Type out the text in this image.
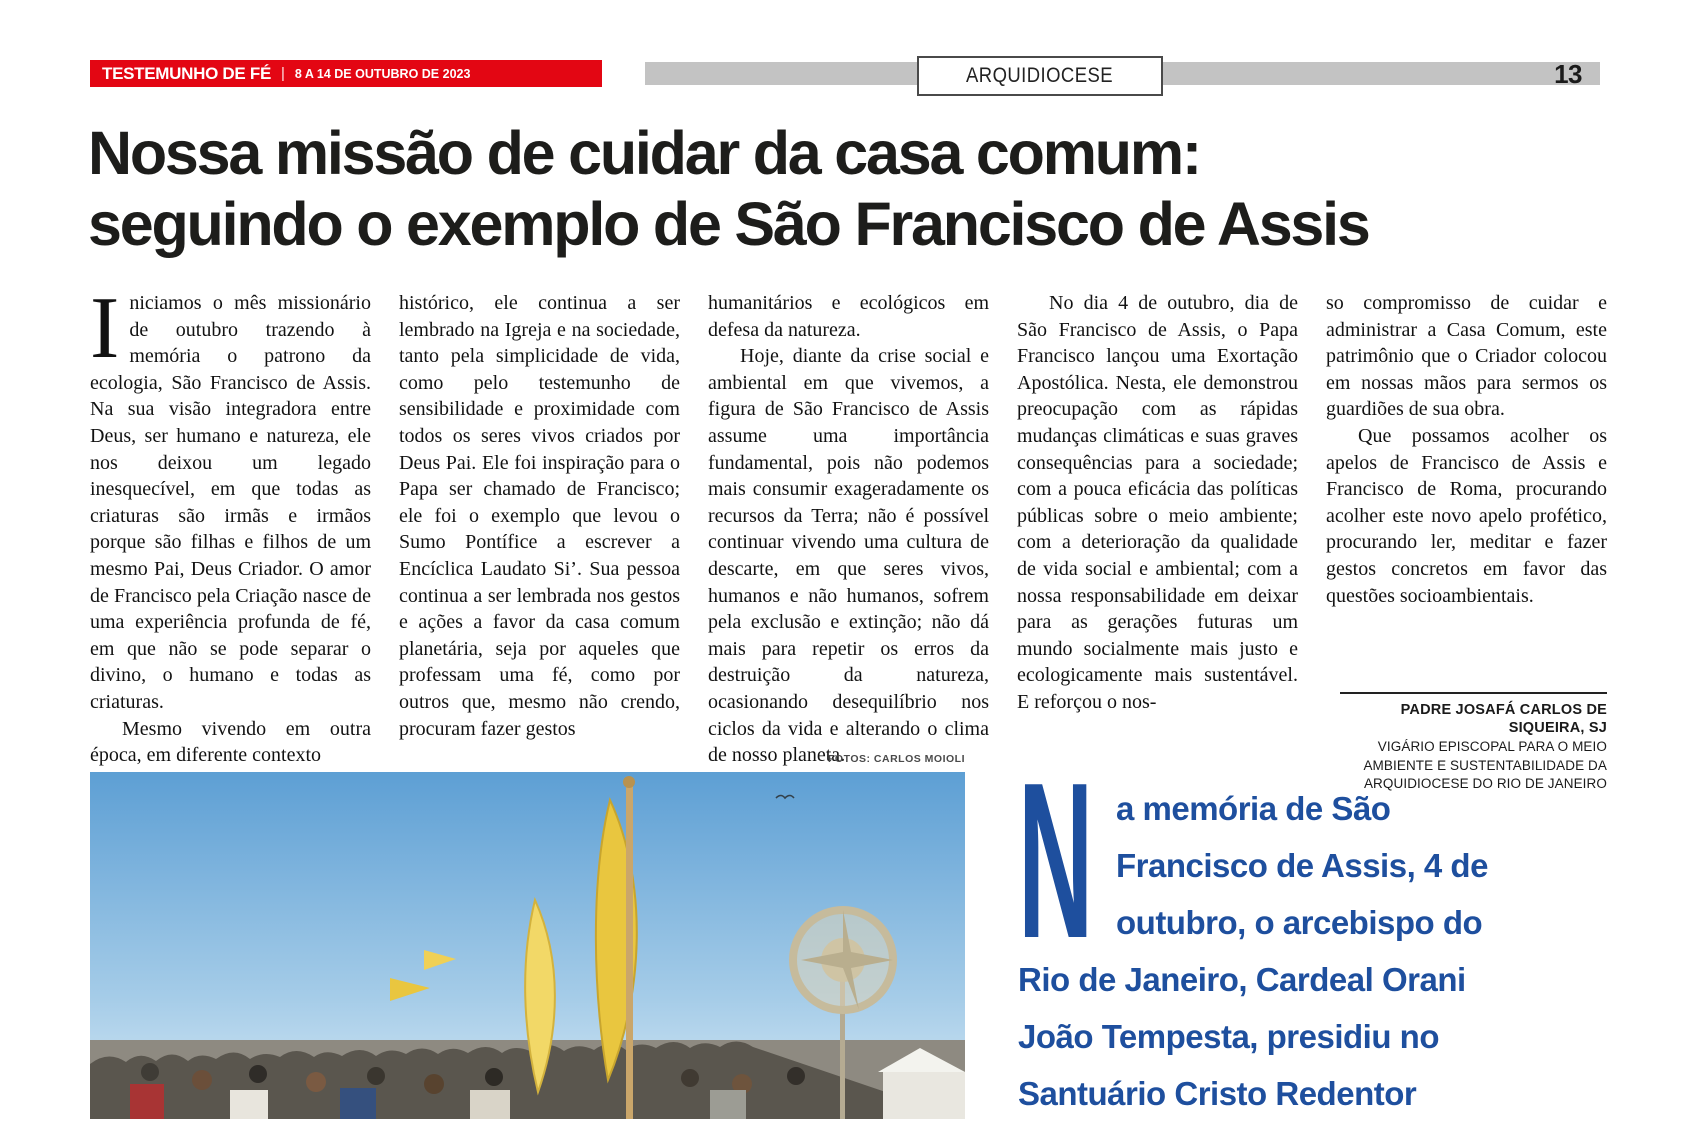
TESTEMUNHO DE FÉ | 8 A 14 DE OUTUBRO DE 2023	ARQUIDIOCESE	13
Nossa missão de cuidar da casa comum:
seguindo o exemplo de São Francisco de Assis

Iniciamos o mês missionário de outubro trazendo à memória o patrono da ecologia, São Francisco de Assis. Na sua visão integradora entre Deus, ser humano e natureza, ele nos deixou um legado inesquecível, em que todas as criaturas são irmãs e irmãos porque são filhas e filhos de um mesmo Pai, Deus Criador. O amor de Francisco pela Criação nasce de uma experiência profunda de fé, em que não se pode separar o divino, o humano e todas as criaturas.

Mesmo vivendo em outra época, em diferente contexto

histórico, ele continua a ser lembrado na Igreja e na sociedade, tanto pela simplicidade de vida, como pelo testemunho de sensibilidade e proximidade com todos os seres vivos criados por Deus Pai. Ele foi inspiração para o Papa ser chamado de Francisco; ele foi o exemplo que levou o Sumo Pontífice a escrever a Encíclica Laudato Si’. Sua pessoa continua a ser lembrada nos gestos e ações a favor da casa comum planetária, seja por aqueles que professam uma fé, como por outros que, mesmo não crendo, procuram fazer gestos

humanitários e ecológicos em defesa da natureza.

Hoje, diante da crise social e ambiental em que vivemos, a figura de São Francisco de Assis assume uma importância fundamental, pois não podemos mais consumir exageradamente os recursos da Terra; não é possível continuar vivendo uma cultura de descarte, em que seres vivos, humanos e não humanos, sofrem pela exclusão e extinção; não dá mais para repetir os erros da destruição da natureza, ocasionando desequilíbrio nos ciclos da vida e alterando o clima de nosso planeta.

No dia 4 de outubro, dia de São Francisco de Assis, o Papa Francisco lançou uma Exortação Apostólica. Nesta, ele demonstrou preocupação com as rápidas mudanças climáticas e suas graves consequências para a sociedade; com a pouca eficácia das políticas públicas sobre o meio ambiente; com a deterioração da qualidade de vida social e ambiental; com a nossa responsabilidade em deixar para as gerações futuras um mundo socialmente mais justo e ecologicamente mais sustentável. E reforçou o nos-

so compromisso de cuidar e administrar a Casa Comum, este patrimônio que o Criador colocou em nossas mãos para sermos os guardiões de sua obra.

Que possamos acolher os apelos de Francisco de Assis e Francisco de Roma, procurando acolher este novo apelo profético, procurando ler, meditar e fazer gestos concretos em favor das questões socioambientais.

PADRE JOSAFÁ CARLOS DE SIQUEIRA, SJ
VIGÁRIO EPISCOPAL PARA O MEIO AMBIENTE E SUSTENTABILIDADE DA ARQUIDIOCESE DO RIO DE JANEIRO
FOTOS: CARLOS MOIOLI N a memória de São
Francisco de Assis, 4 de
outubro, o arcebispo do
Rio de Janeiro, Cardeal Orani
João Tempesta, presidiu no
Santuário Cristo Redentor
